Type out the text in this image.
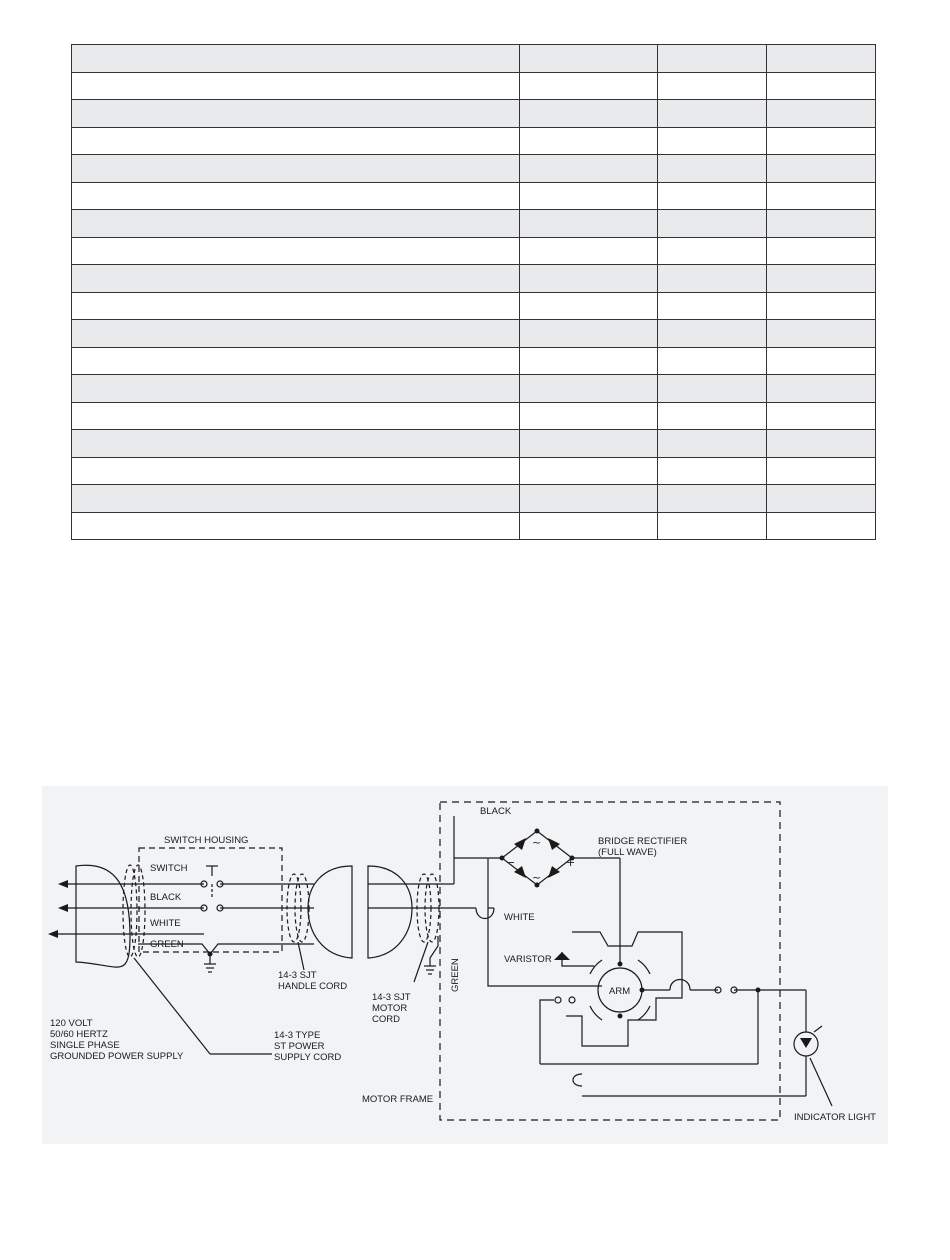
SWITCH HOUSING
SWITCH
BLACK
WHITE
GREEN
120 VOLT
50/60 HERTZ
SINGLE PHASE
GROUNDED POWER SUPPLY
14-3 TYPE
ST POWER
SUPPLY CORD
14-3 SJT
HANDLE CORD
14-3 SJT
MOTOR
CORD
GREEN
BLACK
BRIDGE RECTIFIER
(FULL WAVE)
WHITE
VARISTOR
ARM
MOTOR FRAME
INDICATOR LIGHT
+
−
~
~
